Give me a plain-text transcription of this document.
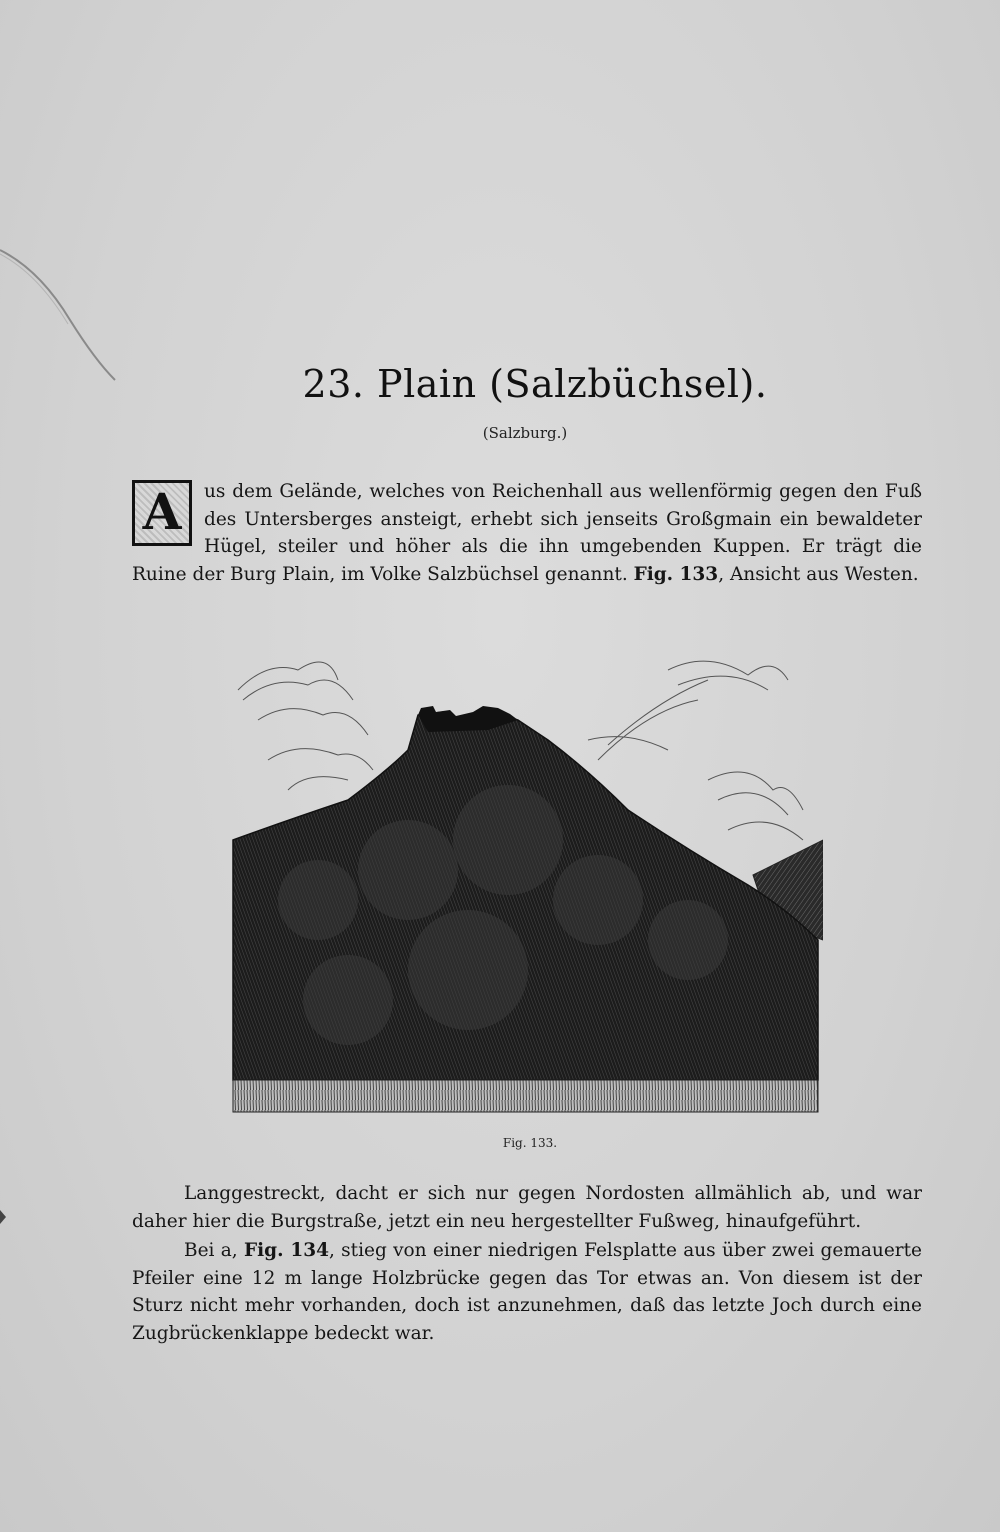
23. Plain (Salzbüchsel).
(Salzburg.)
A	us dem Gelände, welches von Reichenhall aus wellenförmig gegen den Fuß des Untersberges ansteigt, erhebt sich jenseits Großgmain ein bewaldeter Hügel, steiler und höher als die ihn umgebenden Kuppen. Er trägt die Ruine der Burg Plain, im Volke Salzbüchsel genannt. Fig. 133, Ansicht aus Westen.
Fig. 133.
Langgestreckt, dacht er sich nur gegen Nordosten allmählich ab, und war daher hier die Burgstraße, jetzt ein neu hergestellter Fußweg, hinaufgeführt.
Bei a, Fig. 134, stieg von einer niedrigen Felsplatte aus über zwei gemauerte Pfeiler eine 12 m lange Holzbrücke gegen das Tor etwas an. Von diesem ist der Sturz nicht mehr vorhanden, doch ist anzunehmen, daß das letzte Joch durch eine Zugbrückenklappe bedeckt war.
